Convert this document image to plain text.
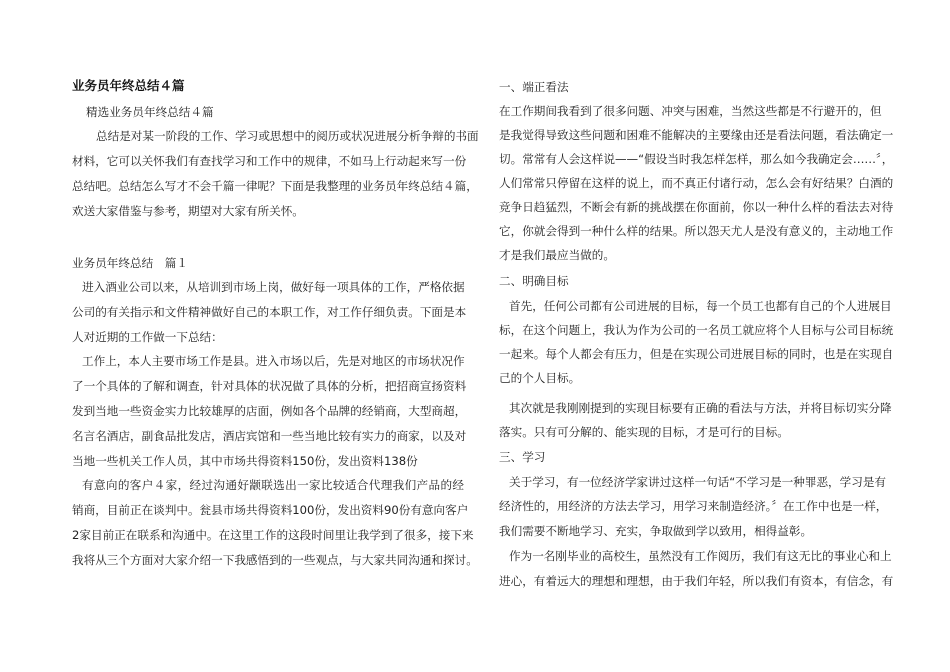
业务员年终总结４篇
精选业务员年终总结４篇
总结是对某一阶段的工作、学习或思想中的阅历或状况进展分析争辩的书面
材料，它可以关怀我们有查找学习和工作中的规律，不如马上行动起来写一份
总结吧。总结怎么写才不会千篇一律呢？下面是我整理的业务员年终总结４篇，
欢送大家借鉴与参考，期望对大家有所关怀。
业务员年终总结　篇１
进入酒业公司以来，从培训到市场上岗，做好每一项具体的工作，严格依据
公司的有关指示和文件精神做好自己的本职工作，对工作仔细负责。下面是本
人对近期的工作做一下总结：
工作上，本人主要市场工作是县。进入市场以后，先是对地区的市场状况作
了一个具体的了解和调查，针对具体的状况做了具体的分析，把招商宣扬资料
发到当地一些资金实力比较雄厚的店面，例如各个品牌的经销商，大型商超，
名言名酒店，副食品批发店，酒店宾馆和一些当地比较有实力的商家，以及对
当地一些机关工作人员，其中市场共得资料150份，发出资料138份
有意向的客户４家，经过沟通好颛联选出一家比较适合代理我们产品的经
销商，目前正在谈判中。瓮县市场共得资料100份，发出资料90份有意向客户
2家目前正在联系和沟通中。在这里工作的这段时间里让我学到了很多，接下来
我将从三个方面对大家介绍一下我感悟到的一些观点，与大家共同沟通和探讨。
一、端正看法
在工作期间我看到了很多问题、冲突与困难，当然这些都是不行避开的，但
是我觉得导致这些问题和困难不能解决的主要缘由还是看法问题，看法确定一
切。常常有人会这样说——“假设当时我怎样怎样，那么如今我确定会……〞，
人们常常只停留在这样的说上，而不真正付诸行动，怎么会有好结果？白酒的
竞争日趋猛烈，不断会有新的挑战摆在你面前，你以一种什么样的看法去对待
它，你就会得到一种什么样的结果。所以怨天尤人是没有意义的，主动地工作
才是我们最应当做的。
二、明确目标
首先，任何公司都有公司进展的目标，每一个员工也都有自己的个人进展目
标，在这个问题上，我认为作为公司的一名员工就应将个人目标与公司目标统
一起来。每个人都会有压力，但是在实现公司进展目标的同时，也是在实现自
己的个人目标。
其次就是我刚刚提到的实现目标要有正确的看法与方法，并将目标切实分降
落实。只有可分解的、能实现的目标，才是可行的目标。
三、学习
关于学习，有一位经济学家讲过这样一句话“不学习是一种罪恶，学习是有
经济性的，用经济的方法去学习，用学习来制造经济。〞在工作中也是一样，
我们需要不断地学习、充实，争取做到学以致用，相得益彰。
作为一名刚毕业的高校生，虽然没有工作阅历，我们有这无比的事业心和上
进心，有着远大的理想和理想，由于我们年轻，所以我们有资本，有信念，有
